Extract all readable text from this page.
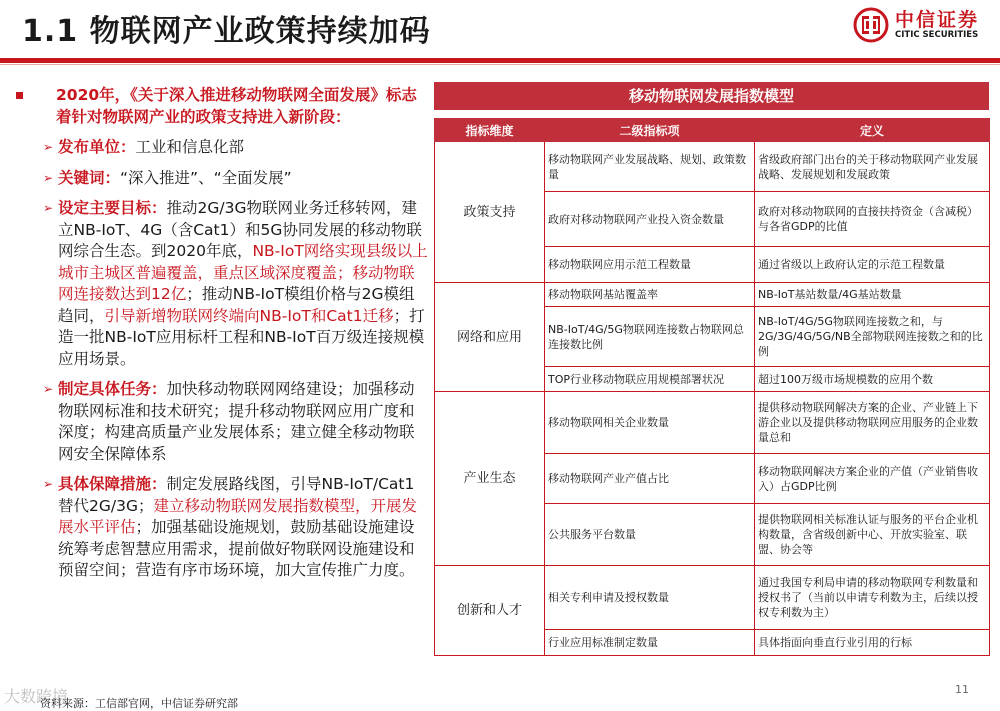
1.1 物联网产业政策持续加码	中信证券
CITIC SECURITIES
2020年，《关于深入推进移动物联网全面发展》标志着针对物联网产业的政策支持进入新阶段：
➢ 发布单位：工业和信息化部
➢ 关键词：“深入推进”、“全面发展”
➢ 设定主要目标：推动2G/3G物联网业务迁移转网，建立NB-IoT、4G（含Cat1）和5G协同发展的移动物联网综合生态。到2020年底，NB-IoT网络实现县级以上城市主城区普遍覆盖，重点区域深度覆盖；移动物联网连接数达到12亿；推动NB-IoT模组价格与2G模组趋同，引导新增物联网终端向NB-IoT和Cat1迁移；打造一批NB-IoT应用标杆工程和NB-IoT百万级连接规模应用场景。
➢ 制定具体任务：加快移动物联网网络建设；加强移动物联网标准和技术研究；提升移动物联网应用广度和深度；构建高质量产业发展体系；建立健全移动物联网安全保障体系
➢ 具体保障措施：制定发展路线图，引导NB-IoT/Cat1替代2G/3G；建立移动物联网发展指数模型，开展发展水平评估；加强基础设施规划，鼓励基础设施建设统筹考虑智慧应用需求，提前做好物联网设施建设和预留空间；营造有序市场环境，加大宣传推广力度。
移动物联网发展指数模型
指标维度	二级指标项	定义
政策支持	移动物联网产业发展战略、规划、政策数量	省级政府部门出台的关于移动物联网产业发展战略、发展规划和发展政策
	政府对移动物联网产业投入资金数量	政府对移动物联网的直接扶持资金（含减税）与各省GDP的比值
	移动物联网应用示范工程数量	通过省级以上政府认定的示范工程数量
网络和应用	移动物联网基站覆盖率	NB-IoT基站数量/4G基站数量
	NB-IoT/4G/5G物联网连接数占物联网总连接数比例	NB-IoT/4G/5G物联网连接数之和，与2G/3G/4G/5G/NB全部物联网连接数之和的比例
	TOP行业移动物联应用规模部署状况	超过100万级市场规模数的应用个数
产业生态	移动物联网相关企业数量	提供移动物联网解决方案的企业、产业链上下游企业以及提供移动物联网应用服务的企业数量总和
	移动物联网产业产值占比	移动物联网解决方案企业的产值（产业销售收入）占GDP比例
	公共服务平台数量	提供物联网相关标准认证与服务的平台企业机构数量，含省级创新中心、开放实验室、联盟、协会等
创新和人才	相关专利申请及授权数量	通过我国专利局申请的移动物联网专利数量和授权书了（当前以申请专利数为主，后续以授权专利数为主）
	行业应用标准制定数量	具体指面向垂直行业引用的行标
大数跨境
资料来源：工信部官网，中信证券研究部
11
